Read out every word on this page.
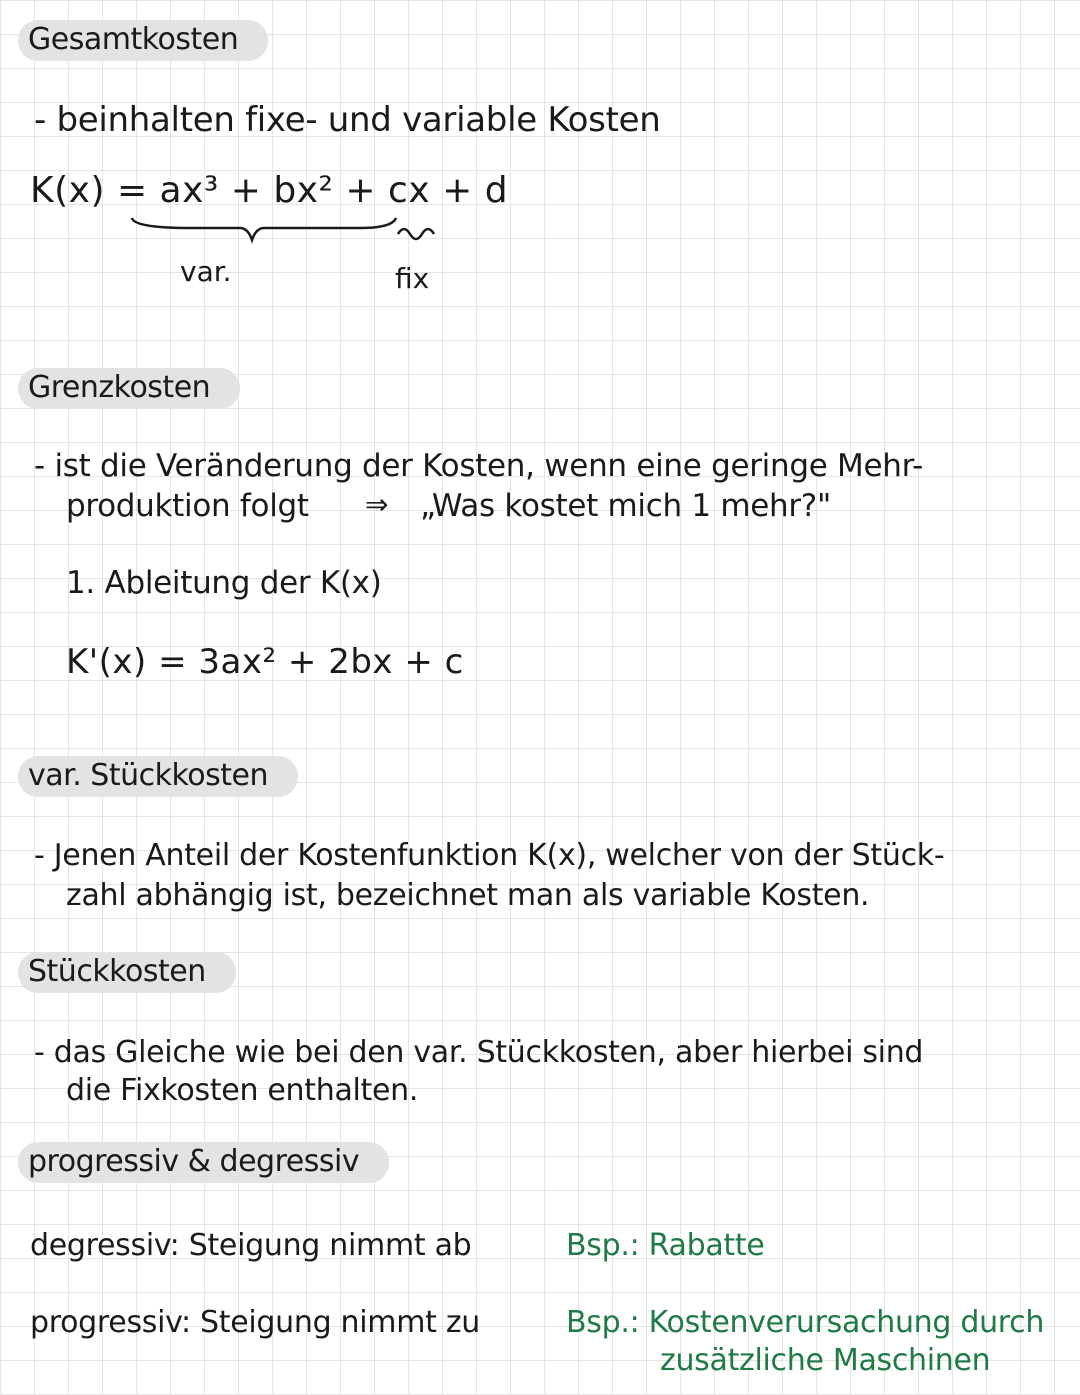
Gesamtkosten
- beinhalten fixe- und variable Kosten
K(x) = ax³ + bx² + cx + d
var.	fix
Grenzkosten
- ist die Veränderung der Kosten, wenn eine geringe Mehr-
produktion folgt ⇒ „Was kostet mich 1 mehr?"
1. Ableitung der K(x)
K'(x) = 3ax² + 2bx + c
var. Stückkosten
- Jenen Anteil der Kostenfunktion K(x), welcher von der Stück-
zahl abhängig ist, bezeichnet man als variable Kosten.
Stückkosten
- das Gleiche wie bei den var. Stückkosten, aber hierbei sind
die Fixkosten enthalten.
progressiv & degressiv
degressiv: Steigung nimmt ab	Bsp.: Rabatte
progressiv: Steigung nimmt zu	Bsp.: Kostenverursachung durch
zusätzliche Maschinen
